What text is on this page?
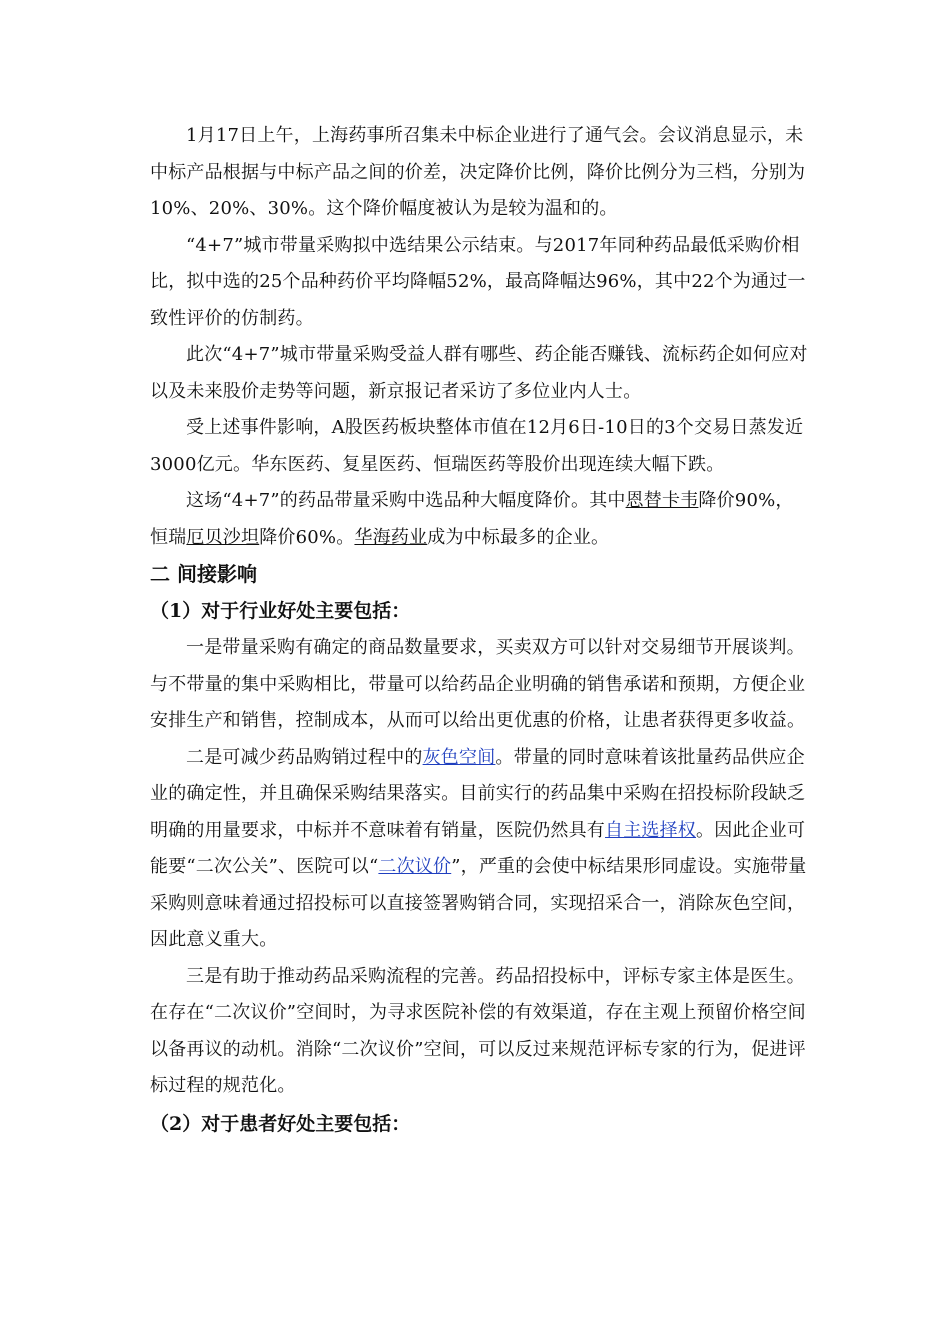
1月17日上午，上海药事所召集未中标企业进行了通气会。会议消息显示，未中标产品根据与中标产品之间的价差，决定降价比例，降价比例分为三档，分别为10%、20%、30%。这个降价幅度被认为是较为温和的。

“4+7”城市带量采购拟中选结果公示结束。与2017年同种药品最低采购价相比，拟中选的25个品种药价平均降幅52%，最高降幅达96%，其中22个为通过一致性评价的仿制药。

此次“4+7”城市带量采购受益人群有哪些、药企能否赚钱、流标药企如何应对以及未来股价走势等问题，新京报记者采访了多位业内人士。

受上述事件影响，A股医药板块整体市值在12月6日-10日的3个交易日蒸发近3000亿元。华东医药、复星医药、恒瑞医药等股价出现连续大幅下跌。

这场“4+7”的药品带量采购中选品种大幅度降价。其中恩替卡韦降价90%，恒瑞厄贝沙坦降价60%。华海药业成为中标最多的企业。

二 间接影响

（1）对于行业好处主要包括：

一是带量采购有确定的商品数量要求，买卖双方可以针对交易细节开展谈判。与不带量的集中采购相比，带量可以给药品企业明确的销售承诺和预期，方便企业安排生产和销售，控制成本，从而可以给出更优惠的价格，让患者获得更多收益。

二是可减少药品购销过程中的灰色空间。带量的同时意味着该批量药品供应企业的确定性，并且确保采购结果落实。目前实行的药品集中采购在招投标阶段缺乏明确的用量要求，中标并不意味着有销量，医院仍然具有自主选择权。因此企业可能要“二次公关”、医院可以“二次议价”，严重的会使中标结果形同虚设。实施带量采购则意味着通过招投标可以直接签署购销合同，实现招采合一，消除灰色空间，因此意义重大。

三是有助于推动药品采购流程的完善。药品招投标中，评标专家主体是医生。在存在“二次议价”空间时，为寻求医院补偿的有效渠道，存在主观上预留价格空间以备再议的动机。消除“二次议价”空间，可以反过来规范评标专家的行为，促进评标过程的规范化。

（2）对于患者好处主要包括：
